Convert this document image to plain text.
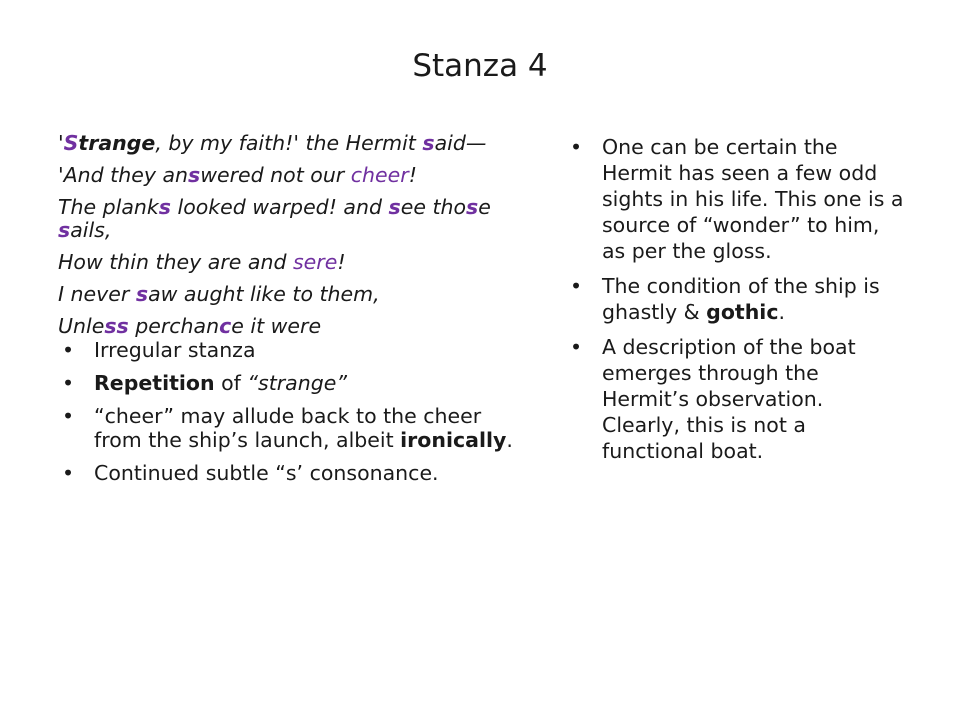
Stanza 4
'Strange, by my faith!' the Hermit said—
'And they answered not our cheer!
The planks looked warped! and see those sails,
How thin they are and sere!
I never saw aught like to them,
Unless perchance it were
• Irregular stanza
• Repetition of “strange”
• “cheer” may allude back to the cheer from the ship’s launch, albeit ironically.
• Continued subtle “s’ consonance.
• One can be certain the Hermit has seen a few odd sights in his life. This one is a source of “wonder” to him, as per the gloss.
• The condition of the ship is ghastly & gothic.
• A description of the boat emerges through the Hermit’s observation. Clearly, this is not a functional boat.
